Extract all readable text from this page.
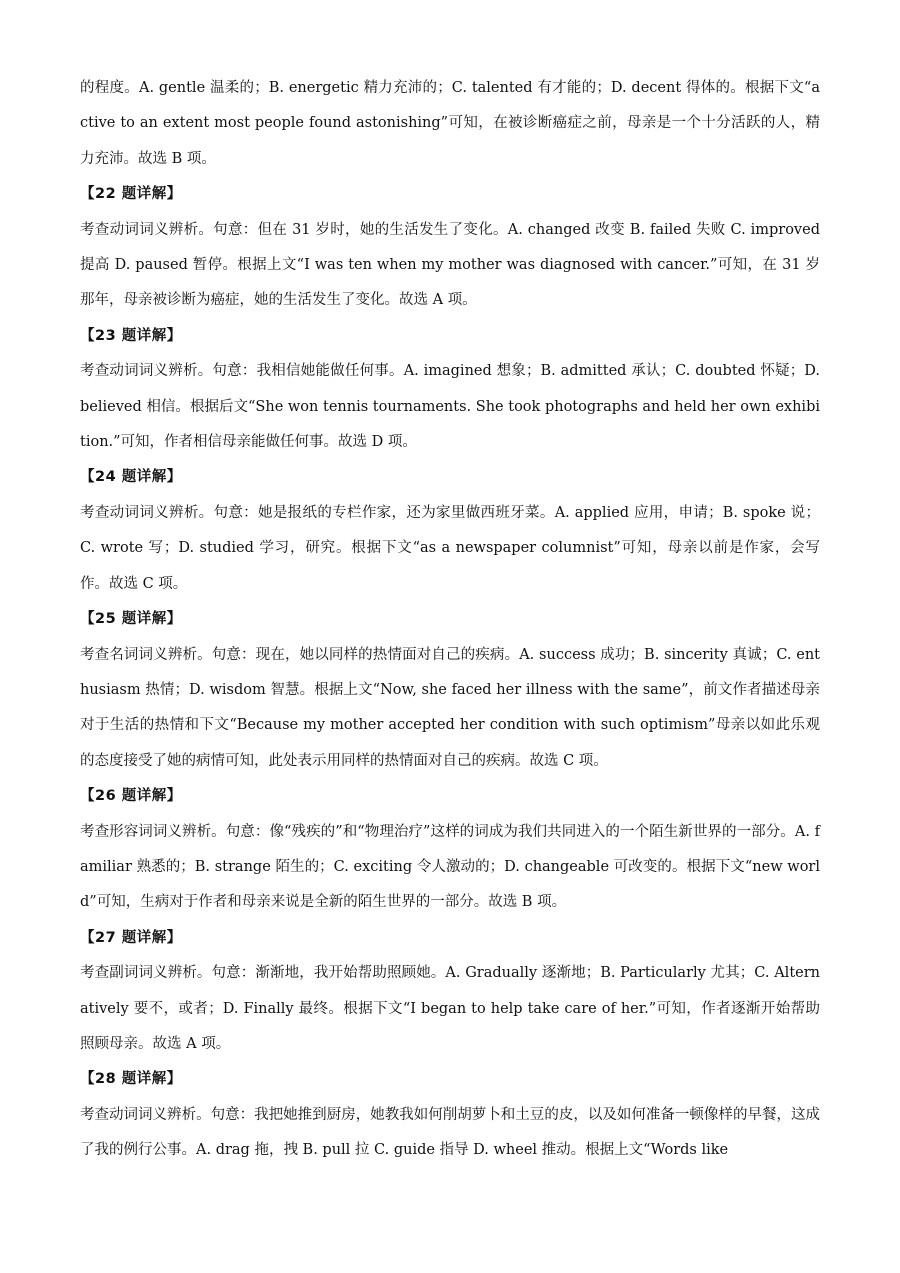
的程度。A. gentle 温柔的；B. energetic 精力充沛的；C. talented 有才能的；D. decent 得体的。根据下文“active to an extent most people found astonishing”可知，在被诊断癌症之前，母亲是一个十分活跃的人，精力充沛。故选 B 项。

【22 题详解】

考查动词词义辨析。句意：但在 31 岁时，她的生活发生了变化。A. changed 改变 B. failed 失败 C. improved 提高 D. paused 暂停。根据上文“I was ten when my mother was diagnosed with cancer.”可知，在 31 岁那年，母亲被诊断为癌症，她的生活发生了变化。故选 A 项。

【23 题详解】

考查动词词义辨析。句意：我相信她能做任何事。A. imagined 想象；B. admitted 承认；C. doubted 怀疑；D. believed 相信。根据后文“She won tennis tournaments. She took photographs and held her own exhibition.”可知，作者相信母亲能做任何事。故选 D 项。

【24 题详解】

考查动词词义辨析。句意：她是报纸的专栏作家，还为家里做西班牙菜。A. applied 应用，申请；B. spoke 说；C. wrote 写；D. studied 学习，研究。根据下文“as a newspaper columnist”可知，母亲以前是作家，会写作。故选 C 项。

【25 题详解】

考查名词词义辨析。句意：现在，她以同样的热情面对自己的疾病。A. success 成功；B. sincerity 真诚；C. enthusiasm 热情；D. wisdom 智慧。根据上文“Now, she faced her illness with the same”，前文作者描述母亲对于生活的热情和下文“Because my mother accepted her condition with such optimism”母亲以如此乐观的态度接受了她的病情可知，此处表示用同样的热情面对自己的疾病。故选 C 项。

【26 题详解】

考查形容词词义辨析。句意：像“残疾的”和“物理治疗”这样的词成为我们共同进入的一个陌生新世界的一部分。A. familiar 熟悉的；B. strange 陌生的；C. exciting 令人激动的；D. changeable 可改变的。根据下文“new world”可知，生病对于作者和母亲来说是全新的陌生世界的一部分。故选 B 项。

【27 题详解】

考查副词词义辨析。句意：渐渐地，我开始帮助照顾她。A. Gradually 逐渐地；B. Particularly 尤其；C. Alternatively 要不，或者；D. Finally 最终。根据下文“I began to help take care of her.”可知，作者逐渐开始帮助照顾母亲。故选 A 项。

【28 题详解】

考查动词词义辨析。句意：我把她推到厨房，她教我如何削胡萝卜和土豆的皮，以及如何准备一顿像样的早餐，这成了我的例行公事。A. drag 拖，拽 B. pull 拉 C. guide 指导 D. wheel 推动。根据上文“Words like
